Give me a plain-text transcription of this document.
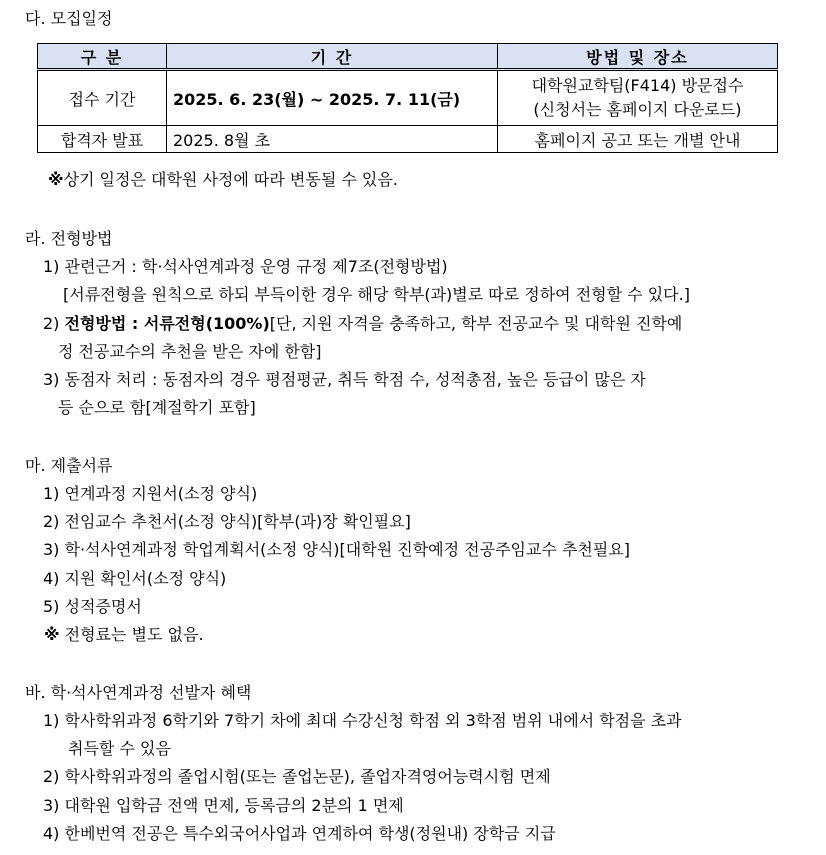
다. 모집일정
구 분	기 간	방법 및 장소
접수 기간	2025. 6. 23(월) ~ 2025. 7. 11(금)	대학원교학팀(F414) 방문접수
(신청서는 홈페이지 다운로드)

합격자 발표	2025. 8월 초	홈페이지 공고 또는 개별 안내
※상기 일정은 대학원 사정에 따라 변동될 수 있음.
라. 전형방법
1) 관련근거 : 학·석사연계과정 운영 규정 제7조(전형방법)
[서류전형을 원칙으로 하되 부득이한 경우 해당 학부(과)별로 따로 정하여 전형할 수 있다.]
2) 전형방법 : 서류전형(100%)[단, 지원 자격을 충족하고, 학부 전공교수 및 대학원 진학예
정 전공교수의 추천을 받은 자에 한함]
3) 동점자 처리 : 동점자의 경우 평점평균, 취득 학점 수, 성적총점, 높은 등급이 많은 자
등 순으로 함[계절학기 포함]
마. 제출서류
1) 연계과정 지원서(소정 양식)
2) 전임교수 추천서(소정 양식)[학부(과)장 확인필요]
3) 학·석사연계과정 학업계획서(소정 양식)[대학원 진학예정 전공주임교수 추천필요]
4) 지원 확인서(소정 양식)
5) 성적증명서
※ 전형료는 별도 없음.
바. 학·석사연계과정 선발자 혜택
1) 학사학위과정 6학기와 7학기 차에 최대 수강신청 학점 외 3학점 범위 내에서 학점을 초과
취득할 수 있음
2) 학사학위과정의 졸업시험(또는 졸업논문), 졸업자격영어능력시험 면제
3) 대학원 입학금 전액 면제, 등록금의 2분의 1 면제
4) 한베번역 전공은 특수외국어사업과 연계하여 학생(정원내) 장학금 지급
